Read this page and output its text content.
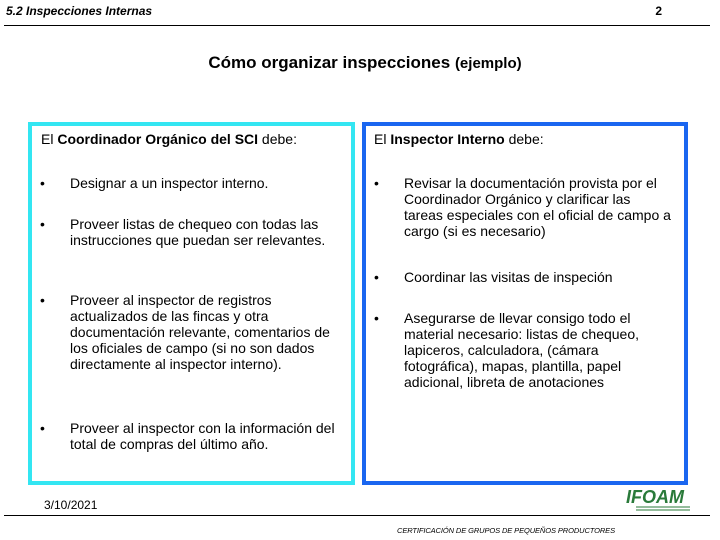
5.2 Inspecciones Internas	2
Cómo organizar inspecciones (ejemplo)
El Coordinador Orgánico del SCI debe:
• Designar a un inspector interno.
• Proveer listas de chequeo con todas las instrucciones que puedan ser relevantes.
• Proveer al inspector de registros actualizados de las fincas y otra documentación relevante, comentarios de los oficiales de campo (si no son dados directamente al inspector interno).
• Proveer al inspector con la información del total de compras del último año.
El Inspector Interno debe:
• Revisar la documentación provista por el Coordinador Orgánico y clarificar las tareas especiales con el oficial de campo a cargo (si es necesario)
• Coordinar las visitas de inspeción
• Asegurarse de llevar consigo todo el material necesario: listas de chequeo, lapiceros, calculadora, (cámara fotográfica), mapas, plantilla, papel adicional, libreta de anotaciones
3/10/2021	IFOAM
CERTIFICACIÓN DE GRUPOS DE PEQUEÑOS PRODUCTORES
